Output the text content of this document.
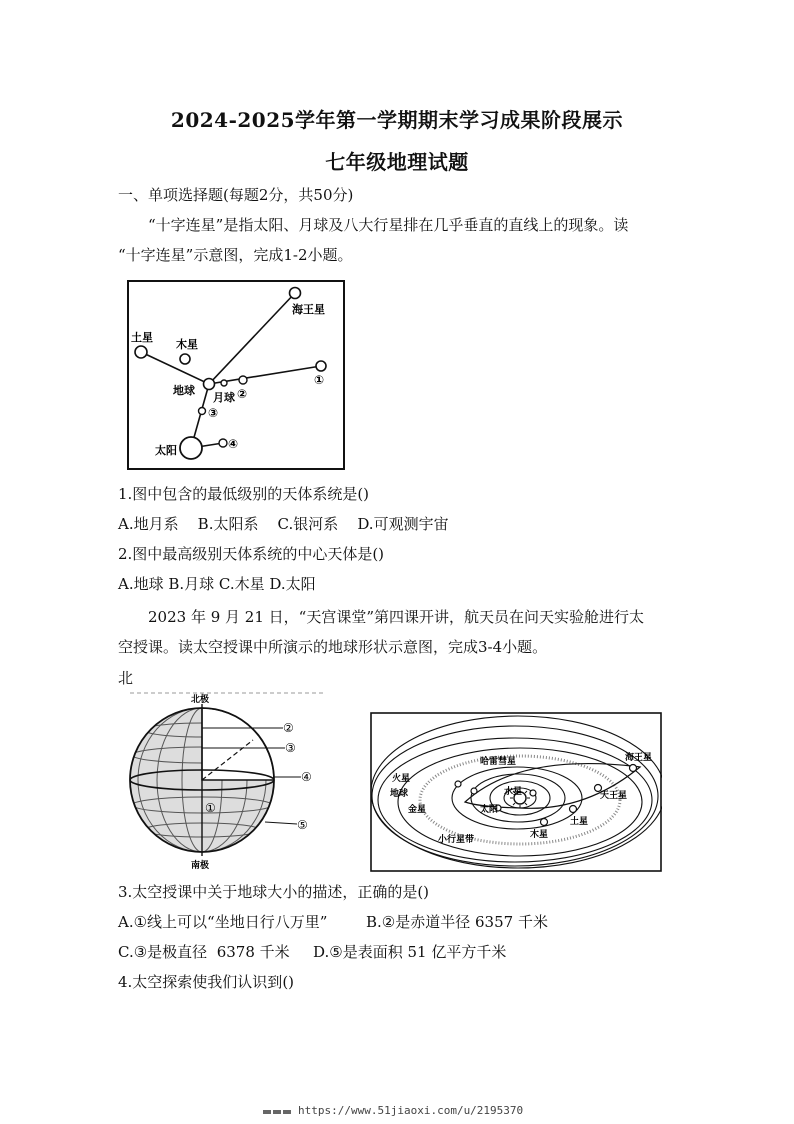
2024-2025学年第一学期期末学习成果阶段展示
七年级地理试题
一、单项选择题(每题2分，共50分)
“十字连星”是指太阳、月球及八大行星排在几乎垂直的直线上的现象。读
“十字连星”示意图，完成1-2小题。
海王星
土星
木星
地球
月球 ②
①
③
太阳	④
1.图中包含的最低级别的天体系统是()
A.地月系    B.太阳系    C.银河系    D.可观测宇宙
2.图中最高级别天体系统的中心天体是()
A.地球 B.月球 C.木星 D.太阳
2023 年 9 月 21 日，“天宫课堂”第四课开讲，航天员在问天实验舱进行太
空授课。读太空授课中所演示的地球形状示意图，完成3-4小题。
北
北极
南极
②
③
④
⑤
①
哈雷彗星
火星
地球
金星
水星
太阳
小行星带	木星
土星
天王星
海王星
3.太空授课中关于地球大小的描述，正确的是()
A.①线上可以“坐地日行八万里”	B.②是赤道半径 6357 千米
C.③是极直径  6378 千米 D.⑤是表面积 51 亿平方千米
4.太空探索使我们认识到()
https://www.51jiaoxi.com/u/2195370
